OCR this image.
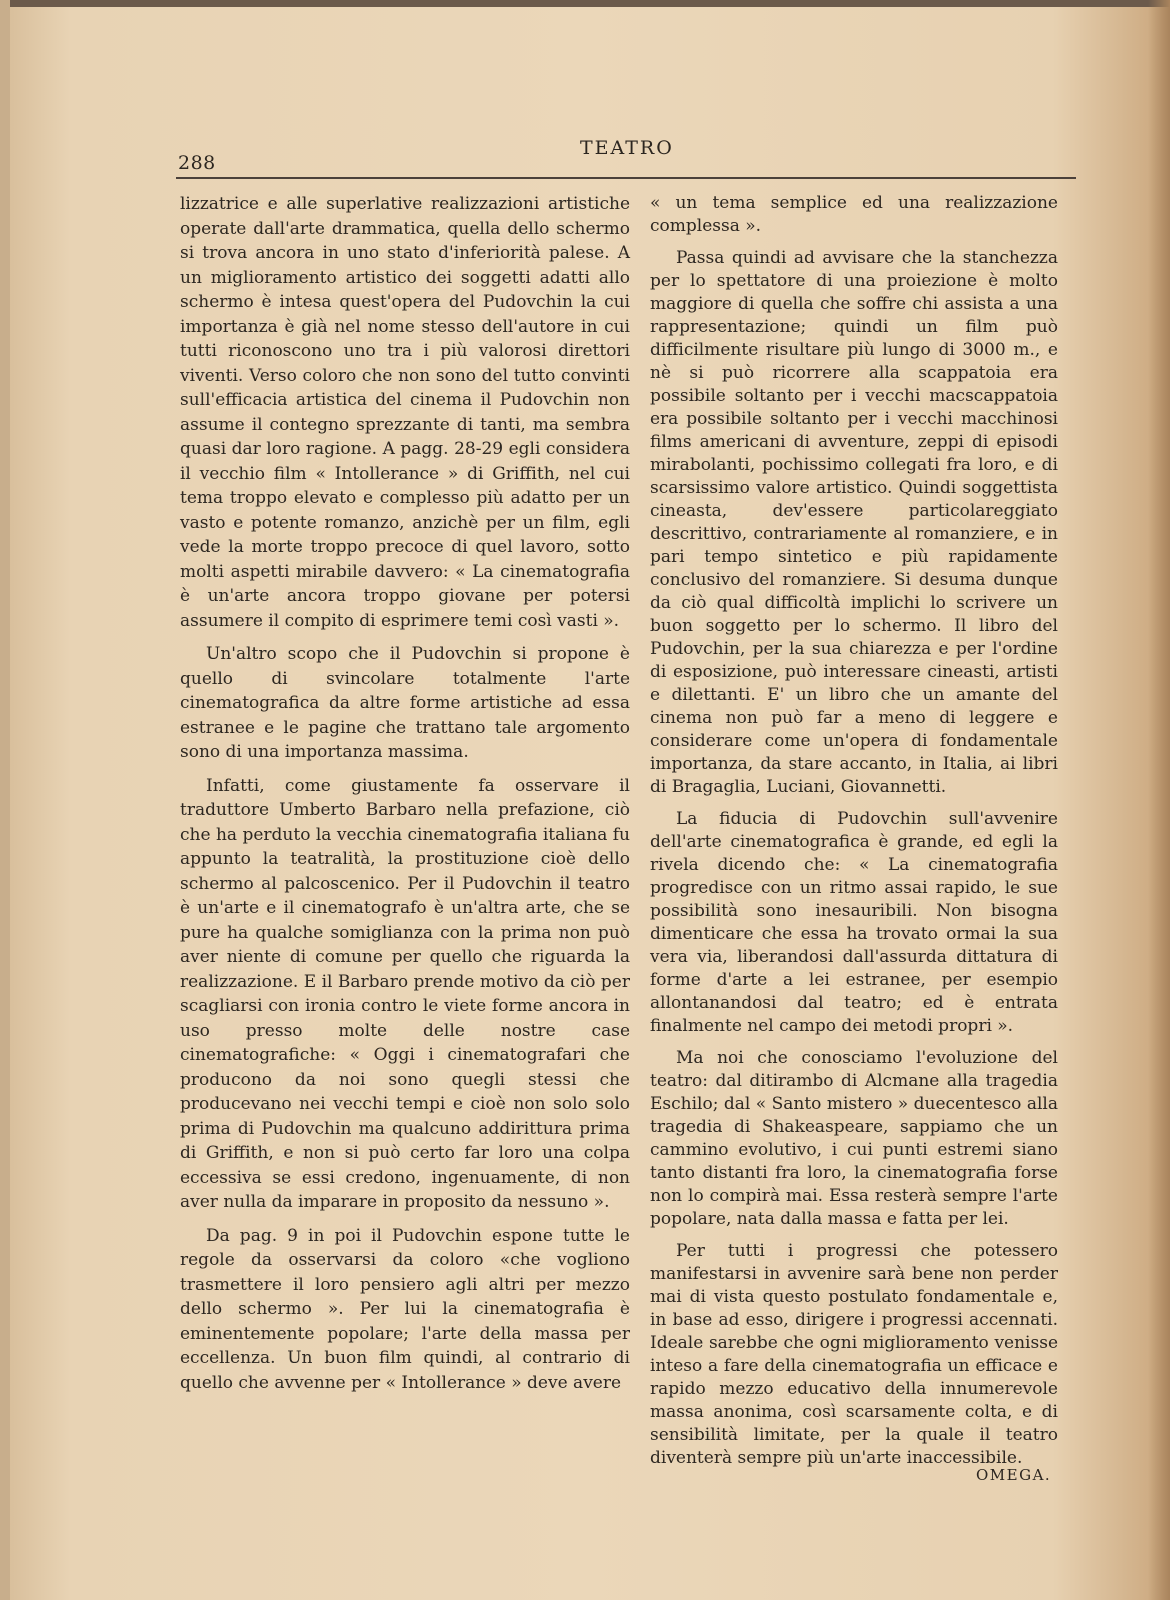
288
TEATRO

lizzatrice e alle superlative realizzazioni artistiche operate dall'arte drammatica, quella dello schermo si trova ancora in uno stato d'inferiorità palese. A un miglioramento artistico dei soggetti adatti allo schermo è intesa quest'opera del Pudovchin la cui importanza è già nel nome stesso dell'autore in cui tutti riconoscono uno tra i più valorosi direttori viventi. Verso coloro che non sono del tutto convinti sull'efficacia artistica del cinema il Pudovchin non assume il contegno sprezzante di tanti, ma sembra quasi dar loro ragione. A pagg. 28-29 egli considera il vecchio film « Intollerance » di Griffith, nel cui tema troppo elevato e complesso più adatto per un vasto e potente romanzo, anzichè per un film, egli vede la morte troppo precoce di quel lavoro, sotto molti aspetti mirabile davvero: « La cinematografia è un'arte ancora troppo giovane per potersi assumere il compito di esprimere temi così vasti ».

Un'altro scopo che il Pudovchin si propone è quello di svincolare totalmente l'arte cinematografica da altre forme artistiche ad essa estranee e le pagine che trattano tale argomento sono di una importanza massima.

Infatti, come giustamente fa osservare il traduttore Umberto Barbaro nella prefazione, ciò che ha perduto la vecchia cinematografia italiana fu appunto la teatralità, la prostituzione cioè dello schermo al palcoscenico. Per il Pudovchin il teatro è un'arte e il cinematografo è un'altra arte, che se pure ha qualche somiglianza con la prima non può aver niente di comune per quello che riguarda la realizzazione. E il Barbaro prende motivo da ciò per scagliarsi con ironia contro le viete forme ancora in uso presso molte delle nostre case cinematografiche: « Oggi i cinematografari che producono da noi sono quegli stessi che producevano nei vecchi tempi e cioè non solo solo prima di Pudovchin ma qualcuno addirittura prima di Griffith, e non si può certo far loro una colpa eccessiva se essi credono, ingenuamente, di non aver nulla da imparare in proposito da nessuno ».

Da pag. 9 in poi il Pudovchin espone tutte le regole da osservarsi da coloro «che vogliono trasmettere il loro pensiero agli altri per mezzo dello schermo ». Per lui la cinematografia è eminentemente popolare; l'arte della massa per eccellenza. Un buon film quindi, al contrario di quello che avvenne per « Intollerance » deve avere

« un tema semplice ed una realizzazione complessa ».

Passa quindi ad avvisare che la stanchezza per lo spettatore di una proiezione è molto maggiore di quella che soffre chi assista a una rappresentazione; quindi un film può difficilmente risultare più lungo di 3000 m., e nè si può ricorrere alla scappatoia era possibile soltanto per i vecchi macscappatoia era possibile soltanto per i vecchi macchinosi films americani di avventure, zeppi di episodi mirabolanti, pochissimo collegati fra loro, e di scarsissimo valore artistico. Quindi soggettista cineasta, dev'essere particolareggiato descrittivo, contrariamente al romanziere, e in pari tempo sintetico e più rapidamente conclusivo del romanziere. Si desuma dunque da ciò qual difficoltà implichi lo scrivere un buon soggetto per lo schermo. Il libro del Pudovchin, per la sua chiarezza e per l'ordine di esposizione, può interessare cineasti, artisti e dilettanti. E' un libro che un amante del cinema non può far a meno di leggere e considerare come un'opera di fondamentale importanza, da stare accanto, in Italia, ai libri di Bragaglia, Luciani, Giovannetti.

La fiducia di Pudovchin sull'avvenire dell'arte cinematografica è grande, ed egli la rivela dicendo che: « La cinematografia progredisce con un ritmo assai rapido, le sue possibilità sono inesauribili. Non bisogna dimenticare che essa ha trovato ormai la sua vera via, liberandosi dall'assurda dittatura di forme d'arte a lei estranee, per esempio allontanandosi dal teatro; ed è entrata finalmente nel campo dei metodi propri ».

Ma noi che conosciamo l'evoluzione del teatro: dal ditirambo di Alcmane alla tragedia Eschilo; dal « Santo mistero » duecentesco alla tragedia di Shakeaspeare, sappiamo che un cammino evolutivo, i cui punti estremi siano tanto distanti fra loro, la cinematografia forse non lo compirà mai. Essa resterà sempre l'arte popolare, nata dalla massa e fatta per lei.

Per tutti i progressi che potessero manifestarsi in avvenire sarà bene non perder mai di vista questo postulato fondamentale e, in base ad esso, dirigere i progressi accennati. Ideale sarebbe che ogni miglioramento venisse inteso a fare della cinematografia un efficace e rapido mezzo educativo della innumerevole massa anonima, così scarsamente colta, e di sensibilità limitate, per la quale il teatro diventerà sempre più un'arte inaccessibile.

OMEGA.
